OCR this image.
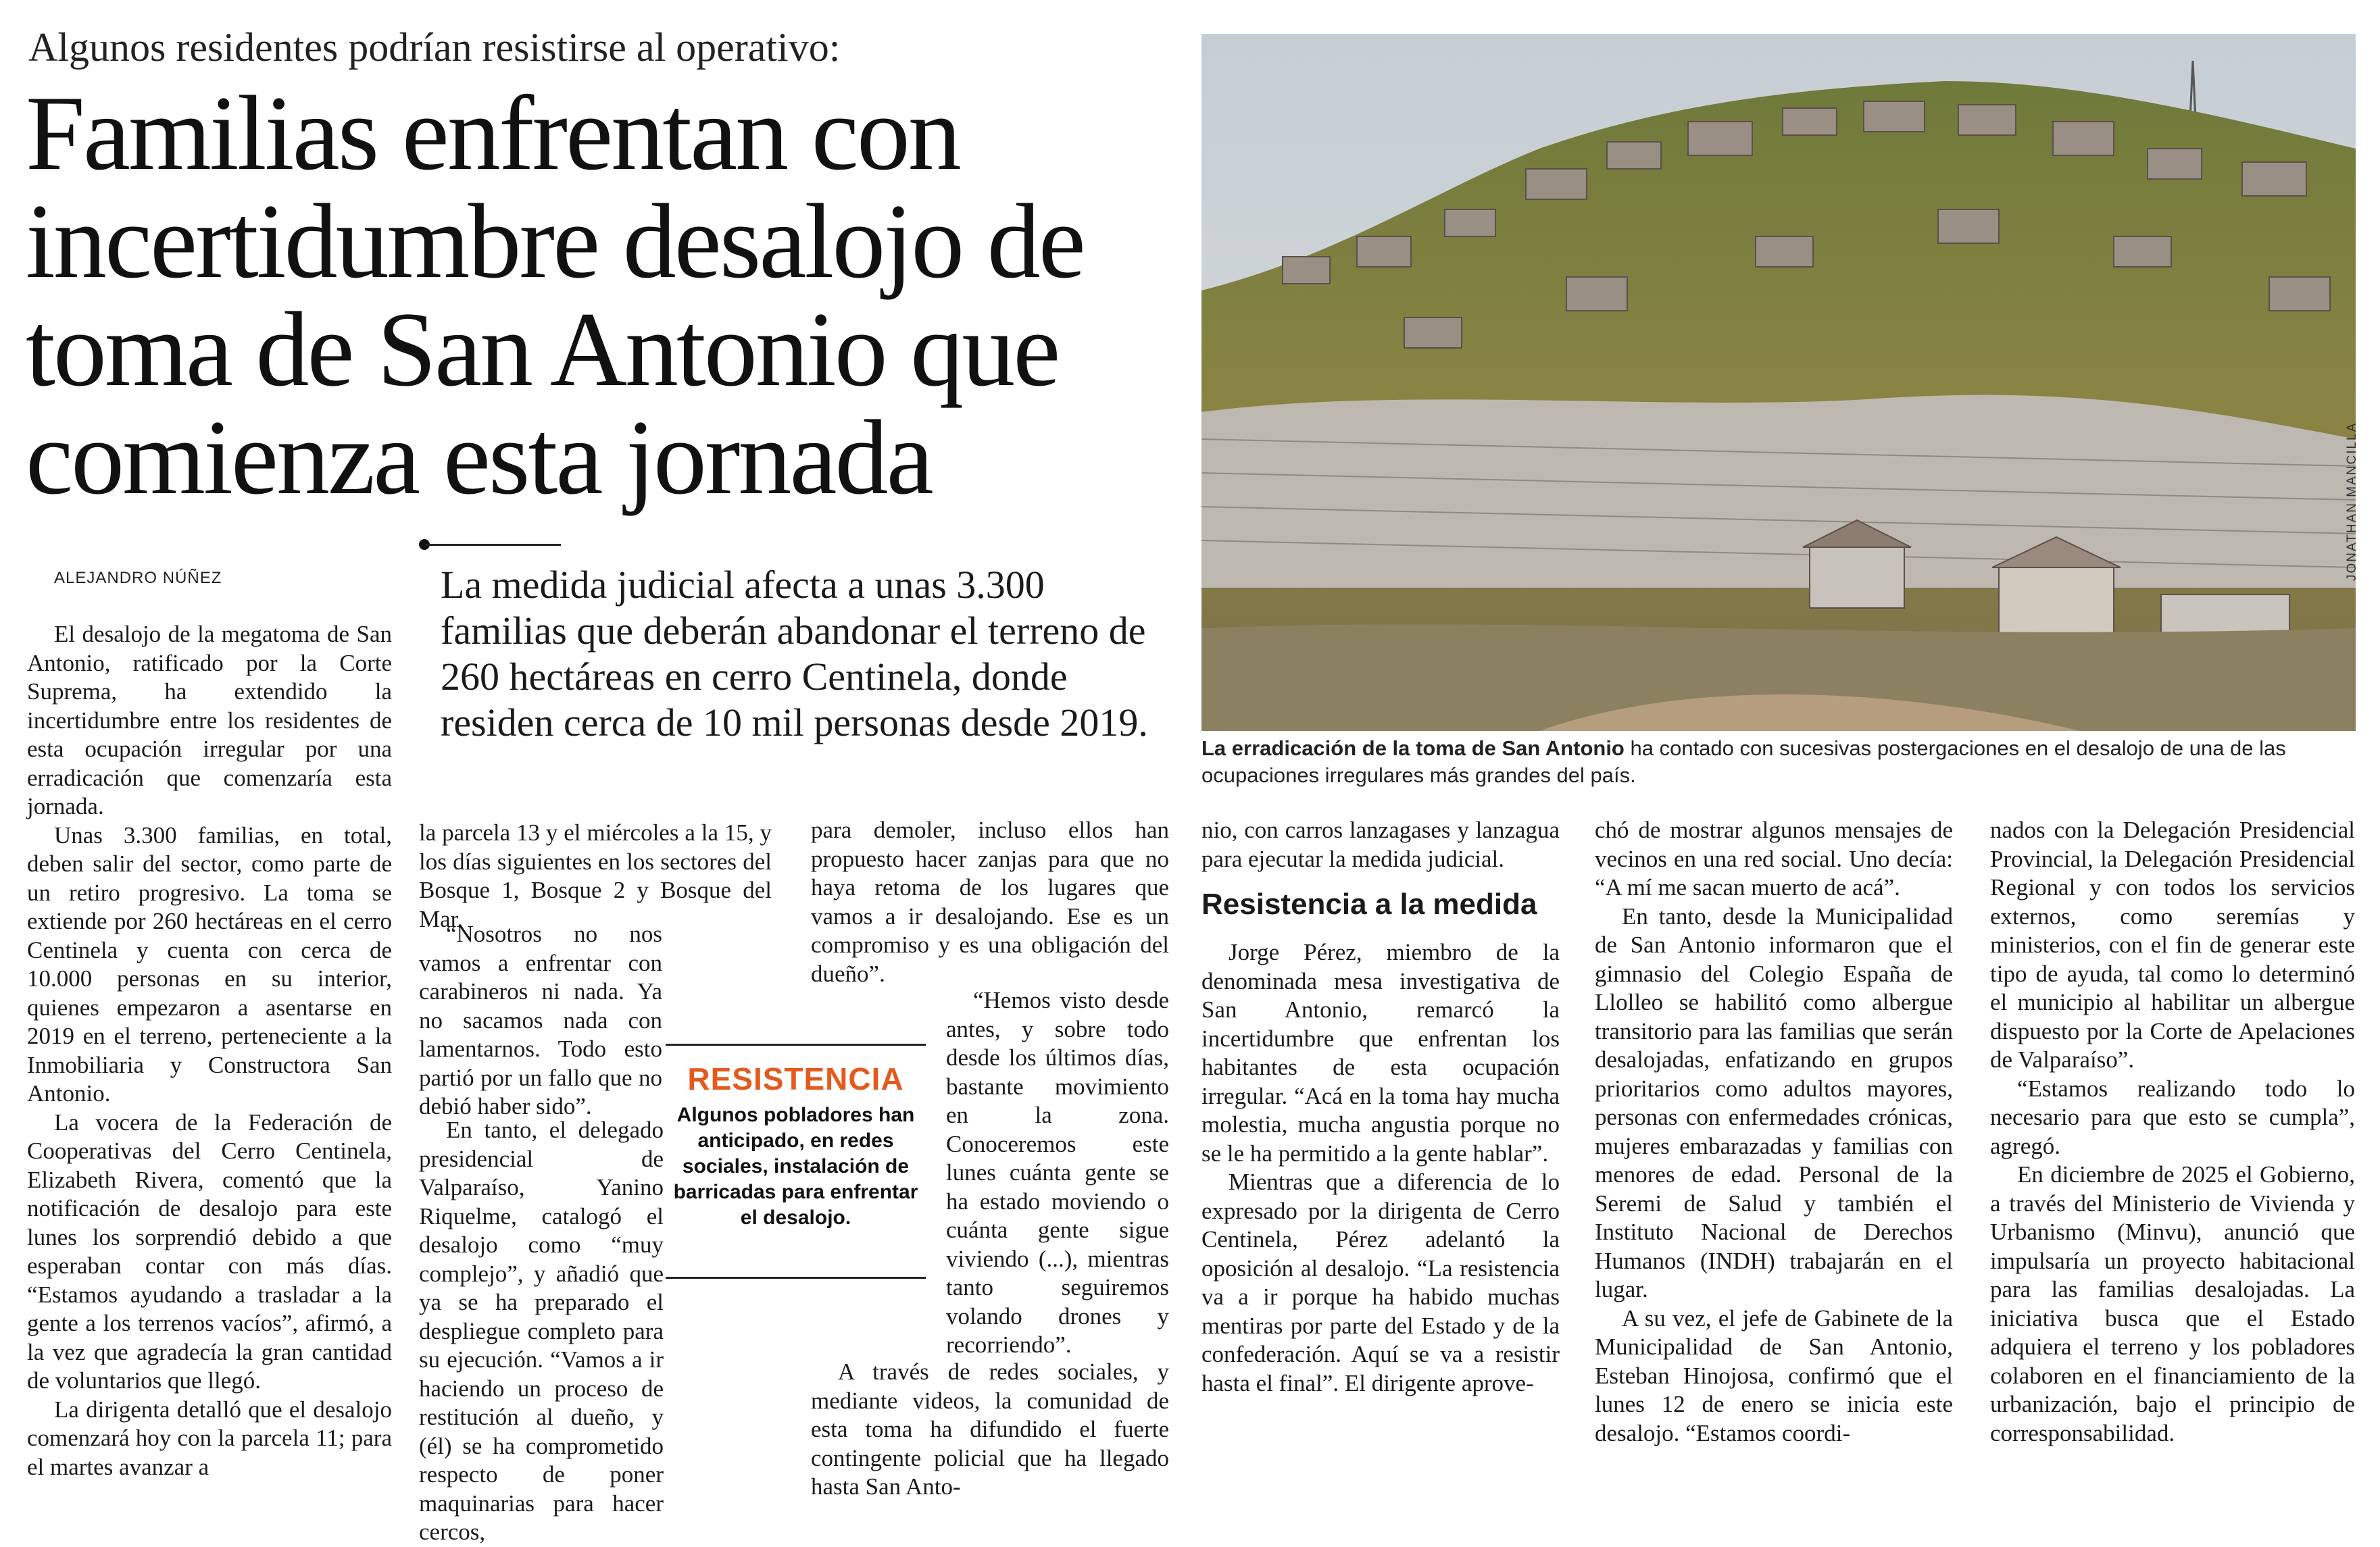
Algunos residentes podrían resistirse al operativo:
Familias enfrentan con incertidumbre desalojo de toma de San Antonio que comienza esta jornada
ALEJANDRO NÚÑEZ	La medida judicial afecta a unas 3.300 familias que deberán abandonar el terreno de 260 hectáreas en cerro Centinela, donde residen cerca de 10 mil personas desde 2019.
JONATHAN MANCILLA
La erradicación de la toma de San Antonio ha contado con sucesivas postergaciones en el desalojo de una de las ocupaciones irregulares más grandes del país.

El desalojo de la megatoma de San Antonio, ratificado por la Corte Suprema, ha extendido la incertidumbre entre los residentes de esta ocupación irregular por una erradicación que comenzaría esta jornada.

Unas 3.300 familias, en total, deben salir del sector, como parte de un retiro progresivo. La toma se extiende por 260 hectáreas en el cerro Centinela y cuenta con cerca de 10.000 personas en su interior, quienes empezaron a asentarse en 2019 en el terreno, perteneciente a la Inmobiliaria y Constructora San Antonio.

La vocera de la Federación de Cooperativas del Cerro Centinela, Elizabeth Rivera, comentó que la notificación de desalojo para este lunes los sorprendió debido a que esperaban contar con más días. “Estamos ayudando a trasladar a la gente a los terrenos vacíos”, afirmó, a la vez que agradecía la gran cantidad de voluntarios que llegó.

La dirigenta detalló que el desalojo comenzará hoy con la parcela 11; para el martes avanzar a

la parcela 13 y el miércoles a la 15, y los días siguientes en los sectores del Bosque 1, Bosque 2 y Bosque del Mar.

“Nosotros no nos vamos a enfrentar con carabineros ni nada. Ya no sacamos nada con lamentarnos. Todo esto partió por un fallo que no debió haber sido”.

En tanto, el delegado presidencial de Valparaíso, Yanino Riquelme, catalogó el desalojo como “muy complejo”, y añadió que ya se ha preparado el despliegue completo para su ejecución. “Vamos a ir haciendo un proceso de restitución al dueño, y (él) se ha comprometido respecto de poner maquinarias para hacer cercos,

RESISTENCIA
Algunos pobladores han anticipado, en redes sociales, instalación de barricadas para enfrentar el desalojo.

para demoler, incluso ellos han propuesto hacer zanjas para que no haya retoma de los lugares que vamos a ir desalojando. Ese es un compromiso y es una obligación del dueño”.

“Hemos visto desde antes, y sobre todo desde los últimos días, bastante movimiento en la zona. Conoceremos este lunes cuánta gente se ha estado moviendo o cuánta gente sigue viviendo (...), mientras tanto seguiremos volando drones y recorriendo”.

A través de redes sociales, y mediante videos, la comunidad de esta toma ha difundido el fuerte contingente policial que ha llegado hasta San Anto-

nio, con carros lanzagases y lanzagua para ejecutar la medida judicial.

Resistencia a la medida

Jorge Pérez, miembro de la denominada mesa investigativa de San Antonio, remarcó la incertidumbre que enfrentan los habitantes de esta ocupación irregular. “Acá en la toma hay mucha molestia, mucha angustia porque no se le ha permitido a la gente hablar”.

Mientras que a diferencia de lo expresado por la dirigenta de Cerro Centinela, Pérez adelantó la oposición al desalojo. “La resistencia va a ir porque ha habido muchas mentiras por parte del Estado y de la confederación. Aquí se va a resistir hasta el final”. El dirigente aprove-

chó de mostrar algunos mensajes de vecinos en una red social. Uno decía: “A mí me sacan muerto de acá”.

En tanto, desde la Municipalidad de San Antonio informaron que el gimnasio del Colegio España de Llolleo se habilitó como albergue transitorio para las familias que serán desalojadas, enfatizando en grupos prioritarios como adultos mayores, personas con enfermedades crónicas, mujeres embarazadas y familias con menores de edad. Personal de la Seremi de Salud y también el Instituto Nacional de Derechos Humanos (INDH) trabajarán en el lugar.

A su vez, el jefe de Gabinete de la Municipalidad de San Antonio, Esteban Hinojosa, confirmó que el lunes 12 de enero se inicia este desalojo. “Estamos coordi-

nados con la Delegación Presidencial Provincial, la Delegación Presidencial Regional y con todos los servicios externos, como seremías y ministerios, con el fin de generar este tipo de ayuda, tal como lo determinó el municipio al habilitar un albergue dispuesto por la Corte de Apelaciones de Valparaíso”.

“Estamos realizando todo lo necesario para que esto se cumpla”, agregó.

En diciembre de 2025 el Gobierno, a través del Ministerio de Vivienda y Urbanismo (Minvu), anunció que impulsaría un proyecto habitacional para las familias desalojadas. La iniciativa busca que el Estado adquiera el terreno y los pobladores colaboren en el financiamiento de la urbanización, bajo el principio de corresponsabilidad.
